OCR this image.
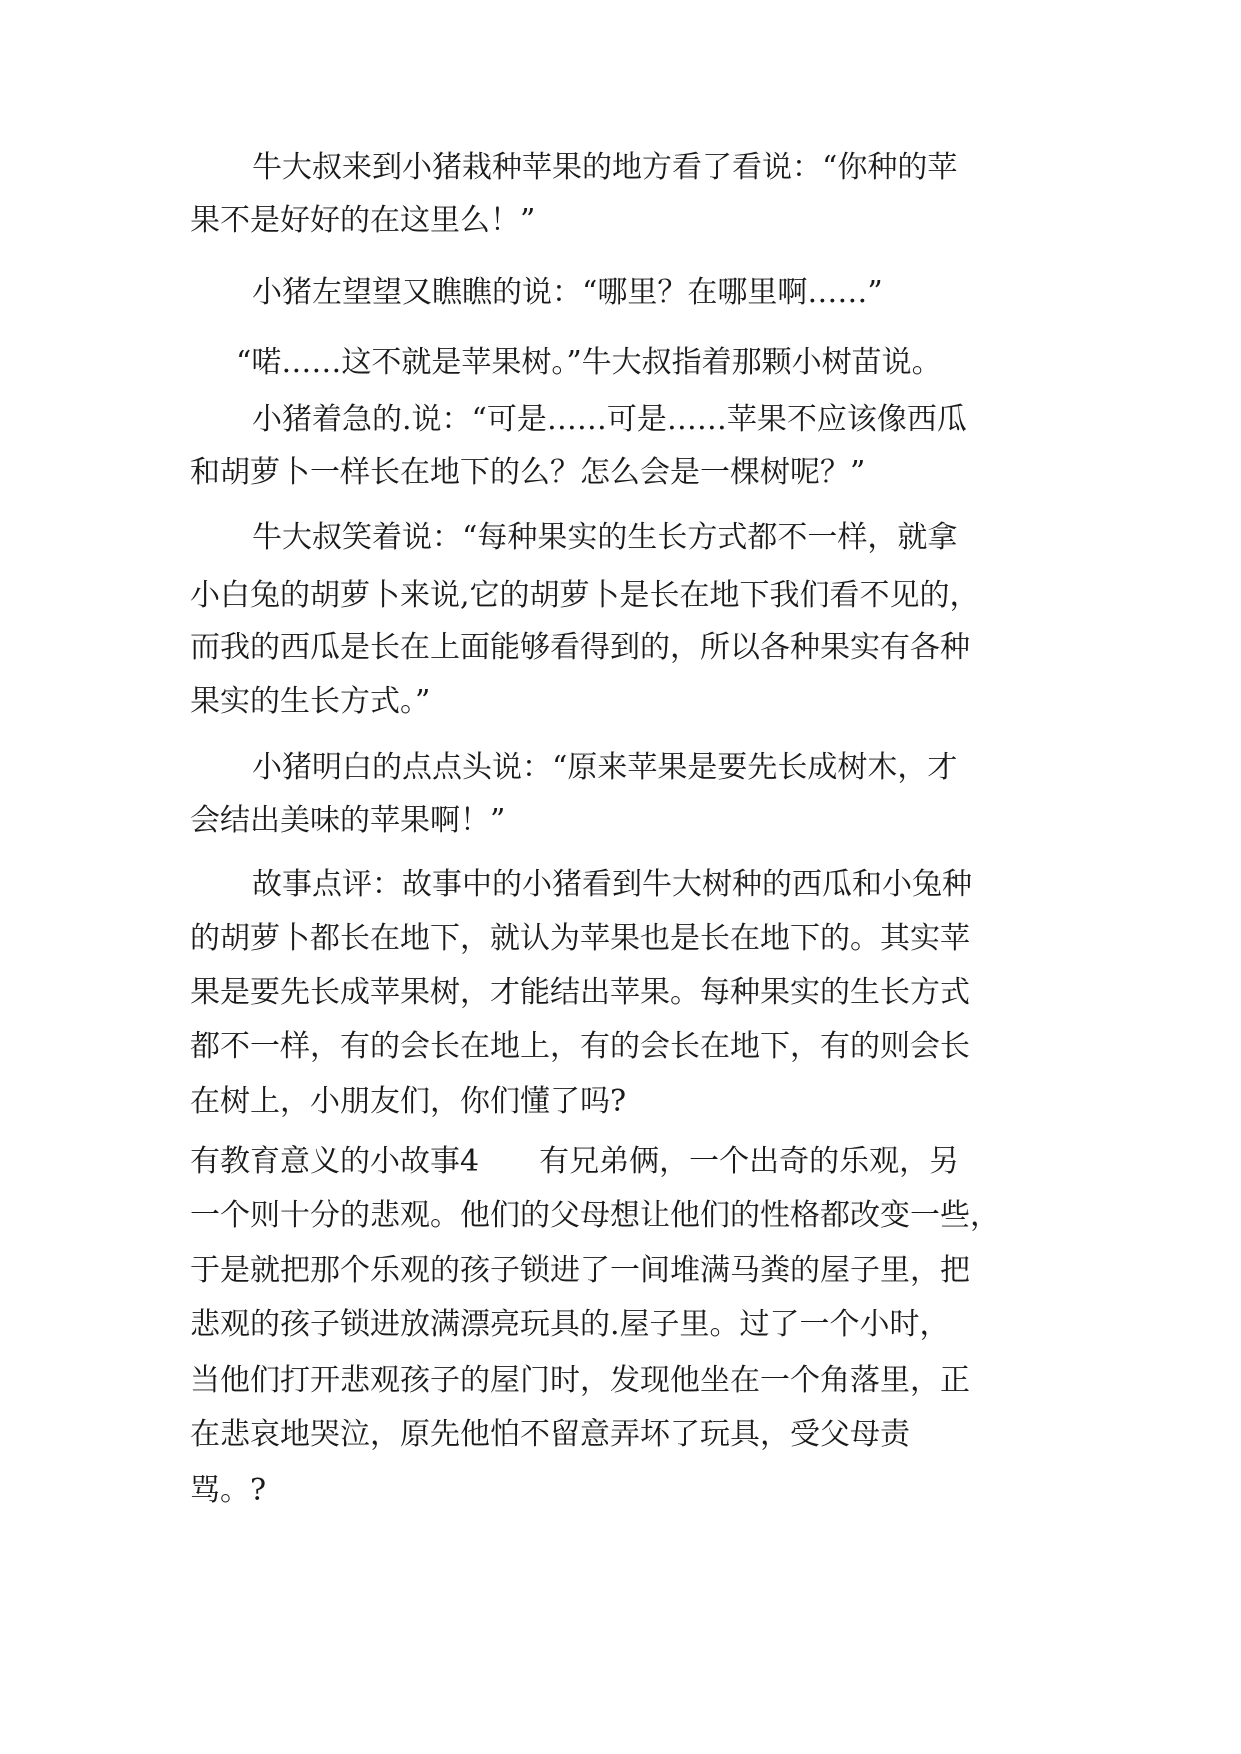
牛大叔来到小猪栽种苹果的地方看了看说：“你种的苹
果不是好好的在这里么！”
小猪左望望又瞧瞧的说：“哪里？在哪里啊……”
“喏……这不就是苹果树。”牛大叔指着那颗小树苗说。
小猪着急的.说：“可是……可是……苹果不应该像西瓜
和胡萝卜一样长在地下的么？怎么会是一棵树呢？”
牛大叔笑着说：“每种果实的生长方式都不一样，就拿
小白兔的胡萝卜来说,它的胡萝卜是长在地下我们看不见的，
而我的西瓜是长在上面能够看得到的，所以各种果实有各种
果实的生长方式。”
小猪明白的点点头说：“原来苹果是要先长成树木，才
会结出美味的苹果啊！”
故事点评：故事中的小猪看到牛大树种的西瓜和小兔种
的胡萝卜都长在地下，就认为苹果也是长在地下的。其实苹
果是要先长成苹果树，才能结出苹果。每种果实的生长方式
都不一样，有的会长在地上，有的会长在地下，有的则会长
在树上，小朋友们，你们懂了吗?
有教育意义的小故事4　　有兄弟俩，一个出奇的乐观，另
一个则十分的悲观。他们的父母想让他们的性格都改变一些，
于是就把那个乐观的孩子锁进了一间堆满马粪的屋子里，把
悲观的孩子锁进放满漂亮玩具的.屋子里。过了一个小时，
当他们打开悲观孩子的屋门时，发现他坐在一个角落里，正
在悲哀地哭泣，原先他怕不留意弄坏了玩具，受父母责
骂。?
